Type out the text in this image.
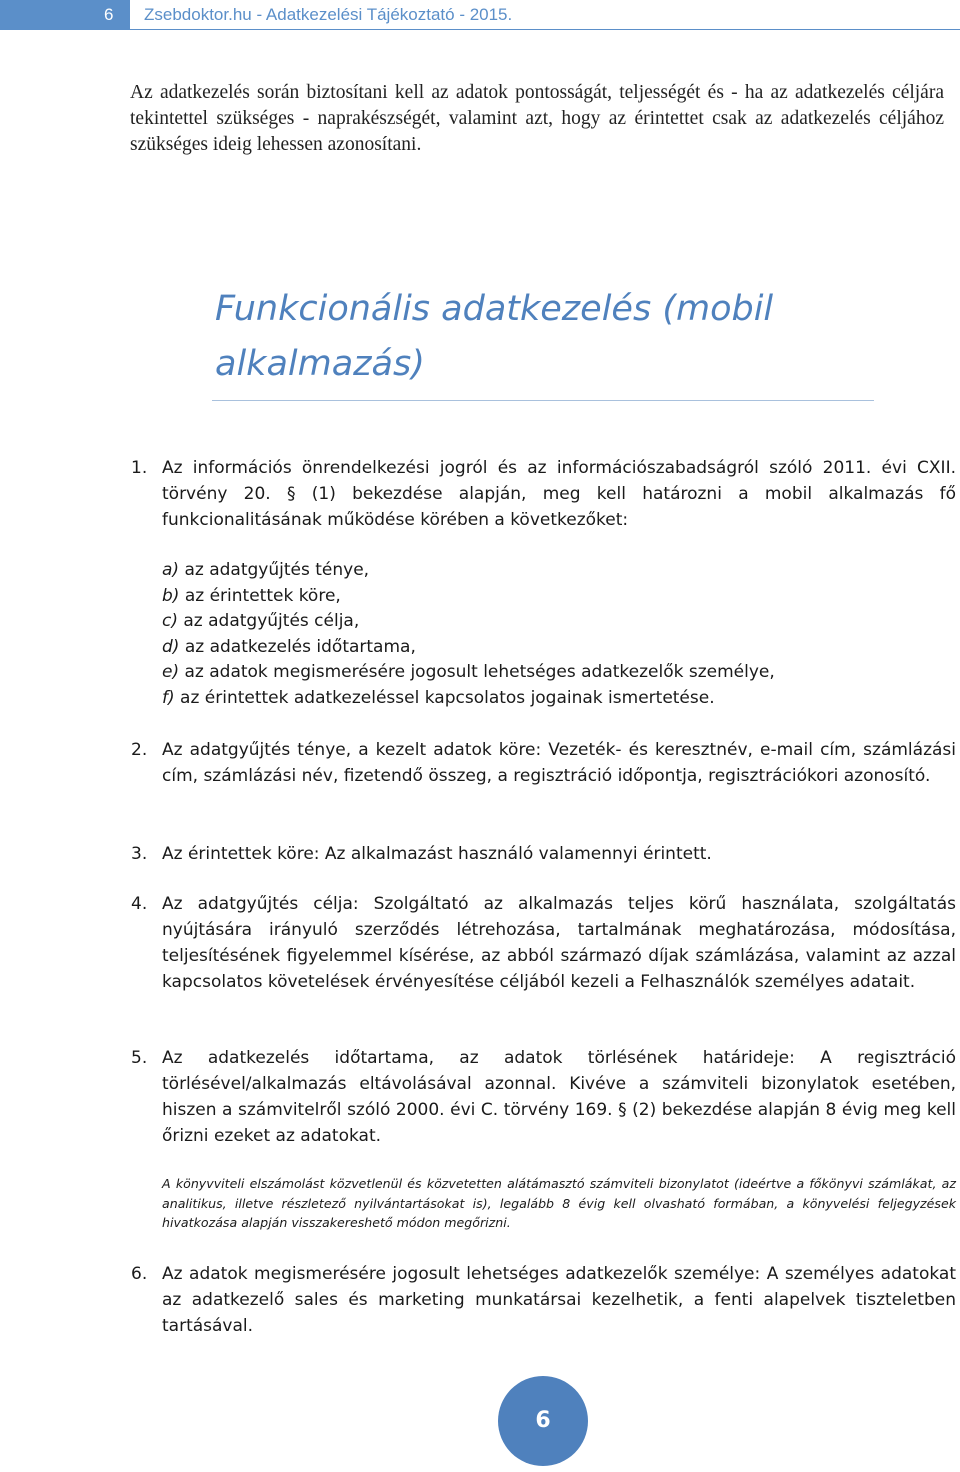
6	Zsebdoktor.hu - Adatkezelési Tájékoztató - 2015.
Az adatkezelés során biztosítani kell az adatok pontosságát, teljességét és - ha az adatkezelés céljára tekintettel szükséges - naprakészségét, valamint azt, hogy az érintettet csak az adatkezelés céljához szükséges ideig lehessen azonosítani.
Funkcionális adatkezelés (mobil
alkalmazás)
1. Az információs önrendelkezési jogról és az információszabadságról szóló 2011. évi CXII. törvény 20. § (1) bekezdése alapján, meg kell határozni a mobil alkalmazás fő funkcionalitásának működése körében a következőket:
a) az adatgyűjtés ténye,
b) az érintettek köre,
c) az adatgyűjtés célja,
d) az adatkezelés időtartama,
e) az adatok megismerésére jogosult lehetséges adatkezelők személye,
f) az érintettek adatkezeléssel kapcsolatos jogainak ismertetése.
2. Az adatgyűjtés ténye, a kezelt adatok köre: Vezeték- és keresztnév, e-mail cím, számlázási cím, számlázási név, fizetendő összeg, a regisztráció időpontja, regisztrációkori azonosító.
3. Az érintettek köre: Az alkalmazást használó valamennyi érintett.
4. Az adatgyűjtés célja: Szolgáltató az alkalmazás teljes körű használata, szolgáltatás nyújtására irányuló szerződés létrehozása, tartalmának meghatározása, módosítása, teljesítésének figyelemmel kísérése, az abból származó díjak számlázása, valamint az azzal kapcsolatos követelések érvényesítése céljából kezeli a Felhasználók személyes adatait.
5. Az adatkezelés időtartama, az adatok törlésének határideje: A regisztráció törlésével/alkalmazás eltávolásával azonnal. Kivéve a számviteli bizonylatok esetében, hiszen a számvitelről szóló 2000. évi C. törvény 169. § (2) bekezdése alapján 8 évig meg kell őrizni ezeket az adatokat.
A könyvviteli elszámolást közvetlenül és közvetetten alátámasztó számviteli bizonylatot (ideértve a főkönyvi számlákat, az analitikus, illetve részletező nyilvántartásokat is), legalább 8 évig kell olvasható formában, a könyvelési feljegyzések hivatkozása alapján visszakereshető módon megőrizni.
6. Az adatok megismerésére jogosult lehetséges adatkezelők személye: A személyes adatokat az adatkezelő sales és marketing munkatársai kezelhetik, a fenti alapelvek tiszteletben tartásával.
6
